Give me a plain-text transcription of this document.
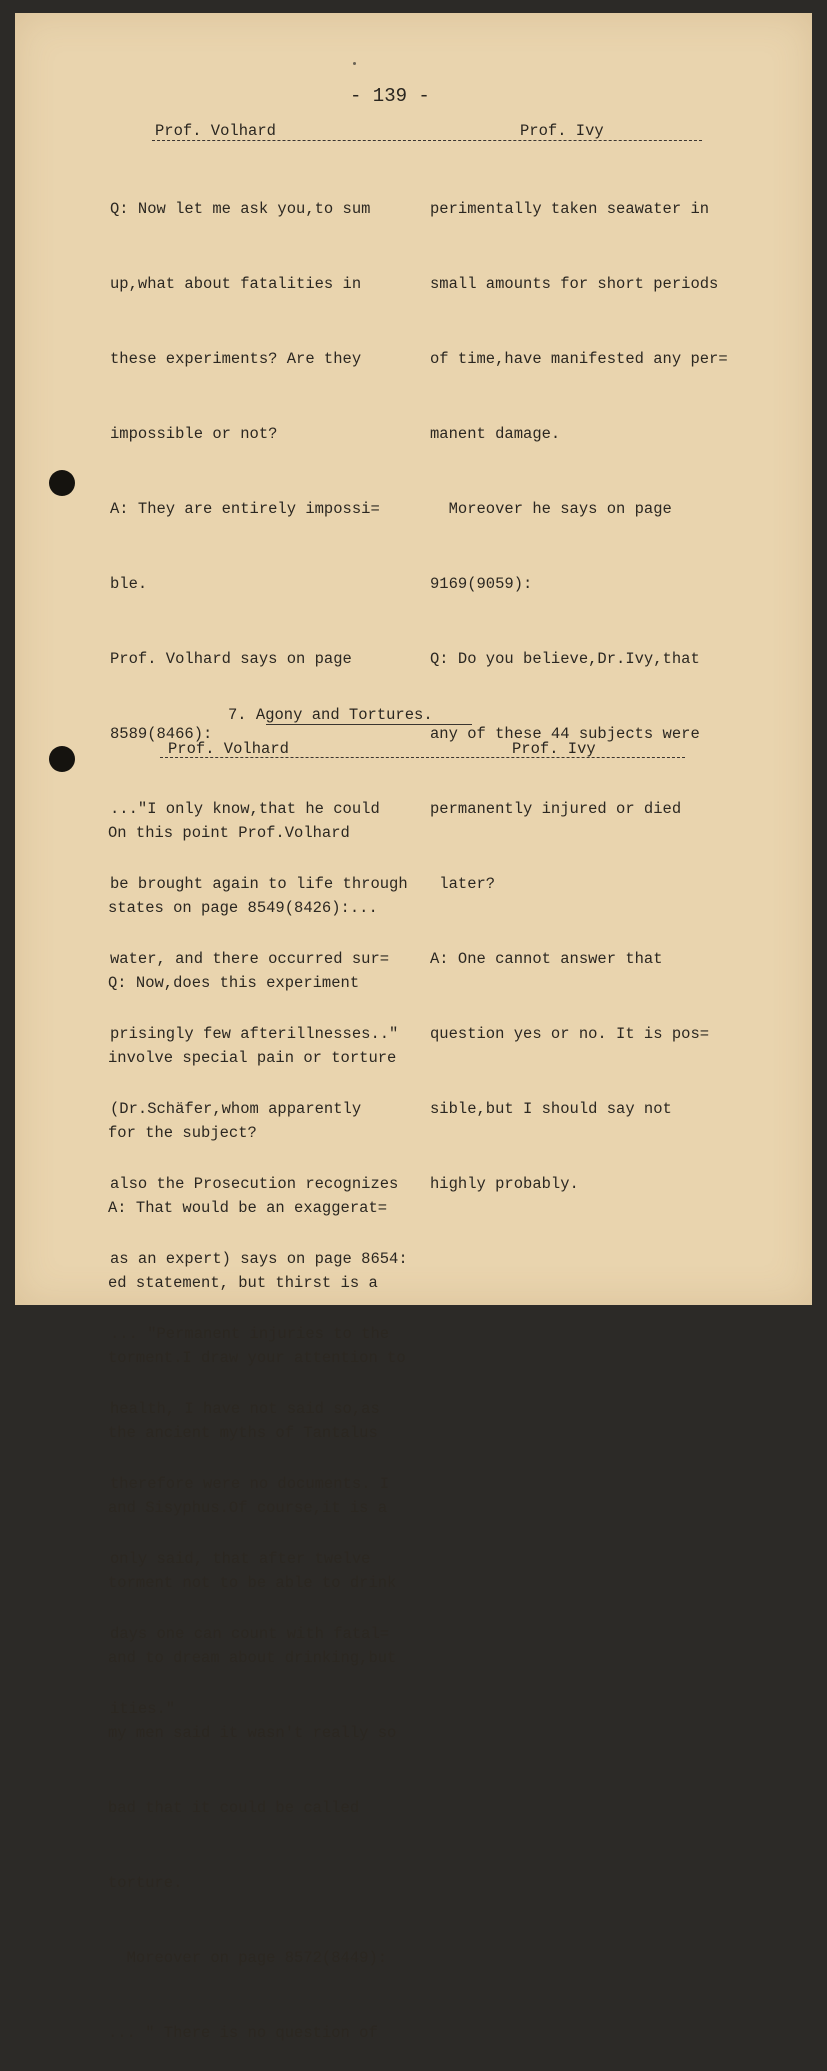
- 139 -
Prof. Volhard	Prof. Ivy

Q: Now let me ask you,to sum

up,what about fatalities in

these experiments? Are they

impossible or not?

A: They are entirely impossi=

ble.

Prof. Volhard says on page

8589(8466):

..."I only know,that he could

be brought again to life through

water, and there occurred sur=

prisingly few afterillnesses.."

(Dr.Schäfer,whom apparently

also the Prosecution recognizes

as an expert) says on page 8654:

... "Permanent injuries to the

health, I have not said so,as

therefore were no documents. I

only said, that after twelve

days one can count with fatal=

ities."

perimentally taken seawater in

small amounts for short periods

of time,have manifested any per=

manent damage.

Moreover he says on page

9169(9059):

Q: Do you believe,Dr.Ivy,that

any of these 44 subjects were

permanently injured or died

later?

A: One cannot answer that

question yes or no. It is pos=

sible,but I should say not

highly probably.

7. Agony and Tortures.
Prof. Volhard	Prof. Ivy

On this point Prof.Volhard

states on page 8549(8426):...

Q: Now,does this experiment

involve special pain or torture

for the subject?

A: That would be an exaggerat=

ed statement, but thirst is a

torment.I draw your attention to

the ancient myths of Tantalus

and Sisyphus.Of course,it is a

torment not to be able to drink

and to dream about drinking,but

my men said it wasn't really so

bad that it could be called

torture.

Moreover on page 8572(8449):

... " There is no question of
